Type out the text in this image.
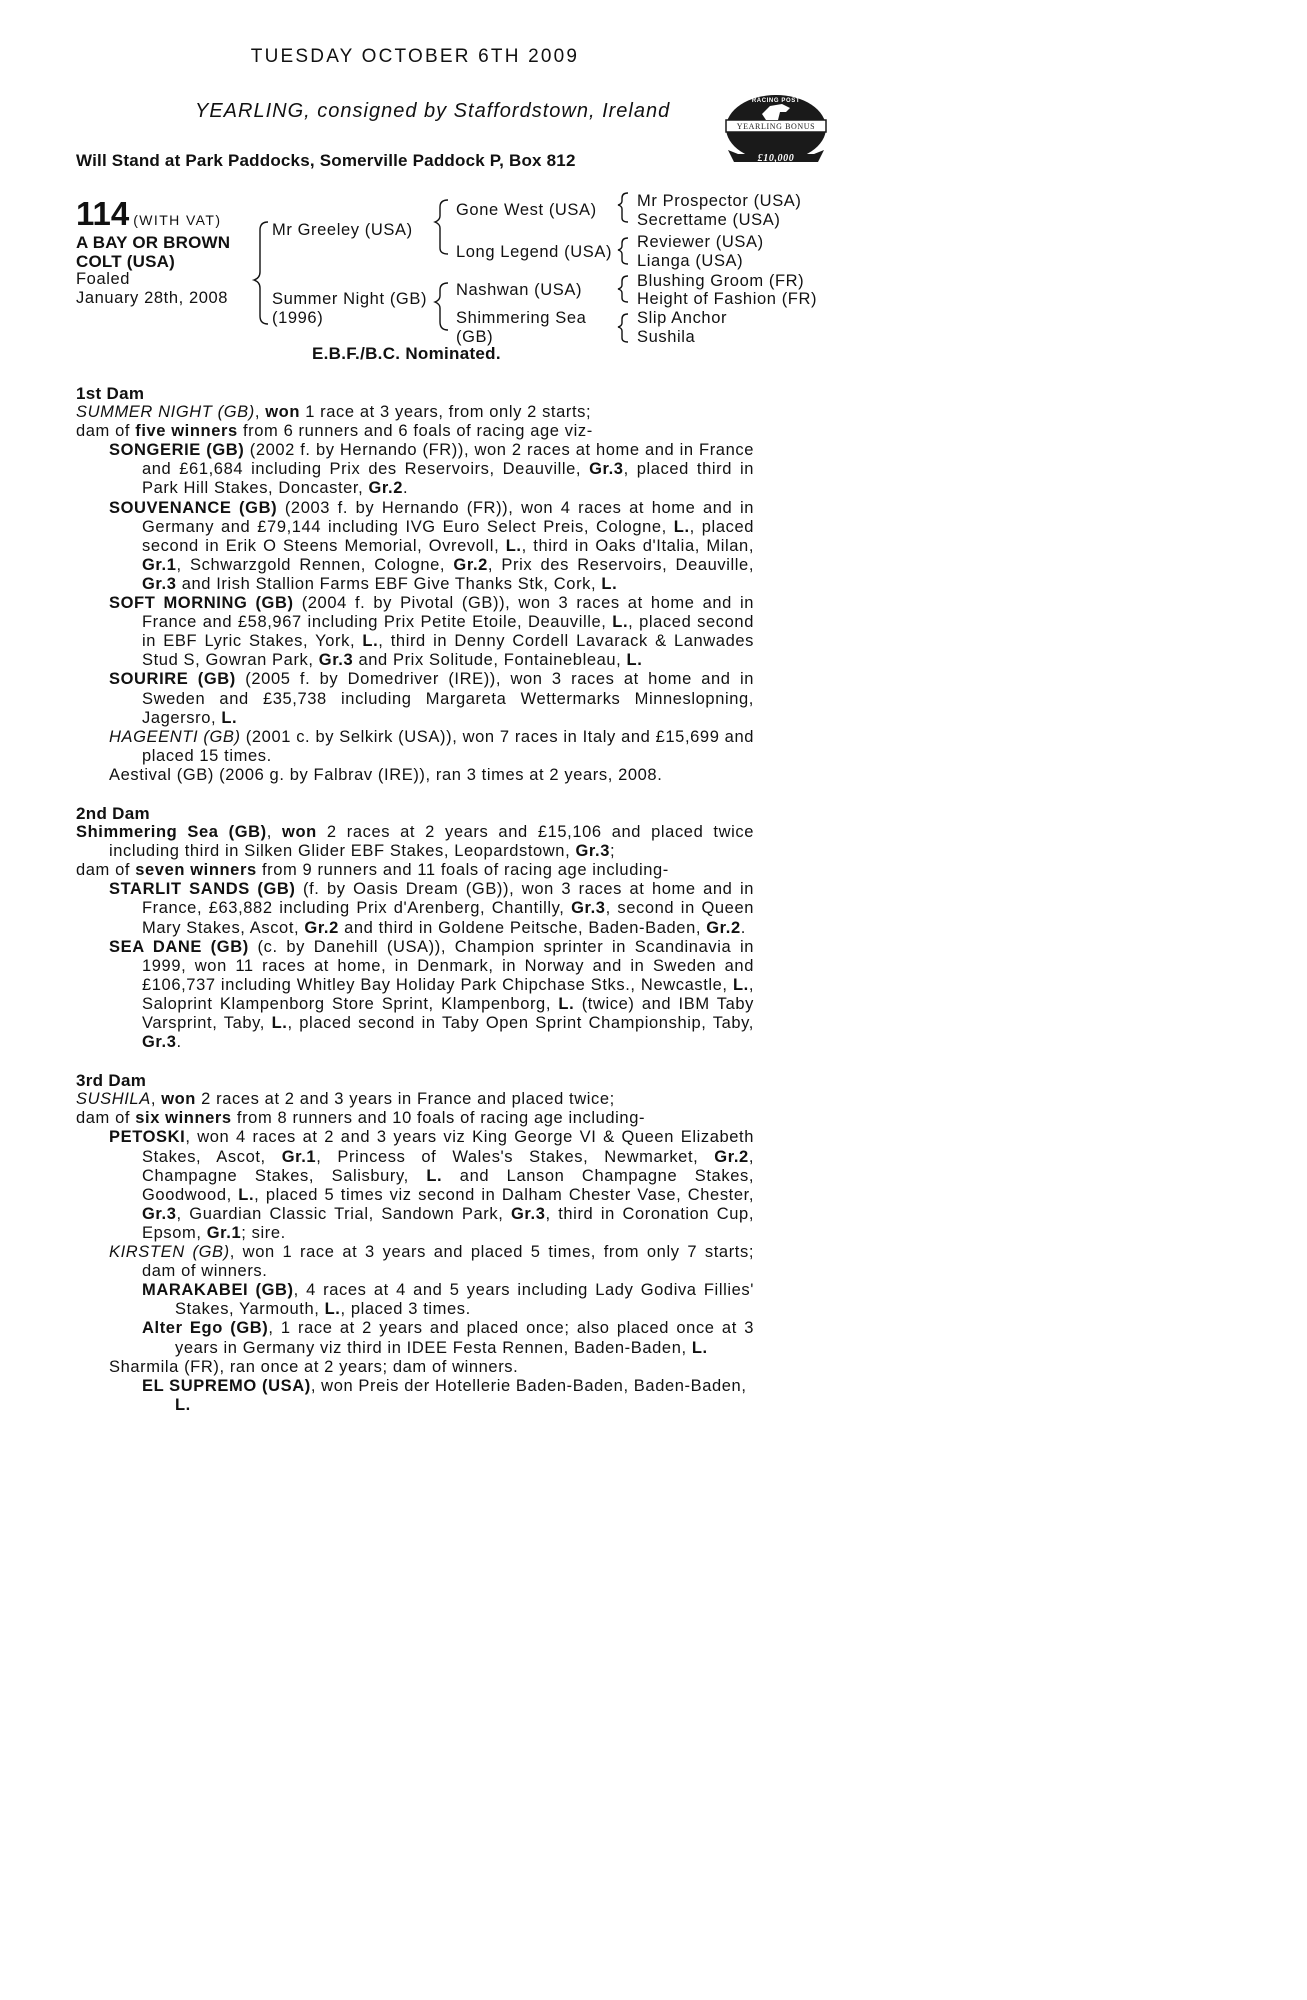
TUESDAY OCTOBER 6TH 2009
YEARLING, consigned by Staffordstown, Ireland
Will Stand at Park Paddocks, Somerville Paddock P, Box 812
RACING POST
YEARLING BONUS
£10,000
114 (WITH VAT)
A BAY OR BROWN
COLT (USA)
Foaled
January 28th, 2008
Mr Greeley (USA)
Summer Night (GB)
(1996)
Gone West (USA)
Long Legend (USA)
Nashwan (USA)
Shimmering Sea
(GB)
Mr Prospector (USA)
Secrettame (USA)
Reviewer (USA)
Lianga (USA)
Blushing Groom (FR)
Height of Fashion (FR)
Slip Anchor
Sushila
E.B.F./B.C. Nominated.

1st Dam

SUMMER NIGHT (GB), won 1 race at 3 years, from only 2 starts;

dam of five winners from 6 runners and 6 foals of racing age viz-

SONGERIE (GB) (2002 f. by Hernando (FR)), won 2 races at home and in France and £61,684 including Prix des Reservoirs, Deauville, Gr.3, placed third in Park Hill Stakes, Doncaster, Gr.2.

SOUVENANCE (GB) (2003 f. by Hernando (FR)), won 4 races at home and in Germany and £79,144 including IVG Euro Select Preis, Cologne, L., placed second in Erik O Steens Memorial, Ovrevoll, L., third in Oaks d'Italia, Milan, Gr.1, Schwarzgold Rennen, Cologne, Gr.2, Prix des Reservoirs, Deauville, Gr.3 and Irish Stallion Farms EBF Give Thanks Stk, Cork, L.

SOFT MORNING (GB) (2004 f. by Pivotal (GB)), won 3 races at home and in France and £58,967 including Prix Petite Etoile, Deauville, L., placed second in EBF Lyric Stakes, York, L., third in Denny Cordell Lavarack & Lanwades Stud S, Gowran Park, Gr.3 and Prix Solitude, Fontainebleau, L.

SOURIRE (GB) (2005 f. by Domedriver (IRE)), won 3 races at home and in Sweden and £35,738 including Margareta Wettermarks Minneslopning, Jagersro, L.

HAGEENTI (GB) (2001 c. by Selkirk (USA)), won 7 races in Italy and £15,699 and placed 15 times.

Aestival (GB) (2006 g. by Falbrav (IRE)), ran 3 times at 2 years, 2008.

2nd Dam

Shimmering Sea (GB), won 2 races at 2 years and £15,106 and placed twice including third in Silken Glider EBF Stakes, Leopardstown, Gr.3;

dam of seven winners from 9 runners and 11 foals of racing age including-

STARLIT SANDS (GB) (f. by Oasis Dream (GB)), won 3 races at home and in France, £63,882 including Prix d'Arenberg, Chantilly, Gr.3, second in Queen Mary Stakes, Ascot, Gr.2 and third in Goldene Peitsche, Baden-Baden, Gr.2.

SEA DANE (GB) (c. by Danehill (USA)), Champion sprinter in Scandinavia in 1999, won 11 races at home, in Denmark, in Norway and in Sweden and £106,737 including Whitley Bay Holiday Park Chipchase Stks., Newcastle, L., Saloprint Klampenborg Store Sprint, Klampenborg, L. (twice) and IBM Taby Varsprint, Taby, L., placed second in Taby Open Sprint Championship, Taby, Gr.3.

3rd Dam

SUSHILA, won 2 races at 2 and 3 years in France and placed twice;

dam of six winners from 8 runners and 10 foals of racing age including-

PETOSKI, won 4 races at 2 and 3 years viz King George VI & Queen Elizabeth Stakes, Ascot, Gr.1, Princess of Wales's Stakes, Newmarket, Gr.2, Champagne Stakes, Salisbury, L. and Lanson Champagne Stakes, Goodwood, L., placed 5 times viz second in Dalham Chester Vase, Chester, Gr.3, Guardian Classic Trial, Sandown Park, Gr.3, third in Coronation Cup, Epsom, Gr.1; sire.

KIRSTEN (GB), won 1 race at 3 years and placed 5 times, from only 7 starts; dam of winners.

MARAKABEI (GB), 4 races at 4 and 5 years including Lady Godiva Fillies' Stakes, Yarmouth, L., placed 3 times.

Alter Ego (GB), 1 race at 2 years and placed once; also placed once at 3 years in Germany viz third in IDEE Festa Rennen, Baden-Baden, L.

Sharmila (FR), ran once at 2 years; dam of winners.

EL SUPREMO (USA), won Preis der Hotellerie Baden-Baden, Baden-Baden, L.
